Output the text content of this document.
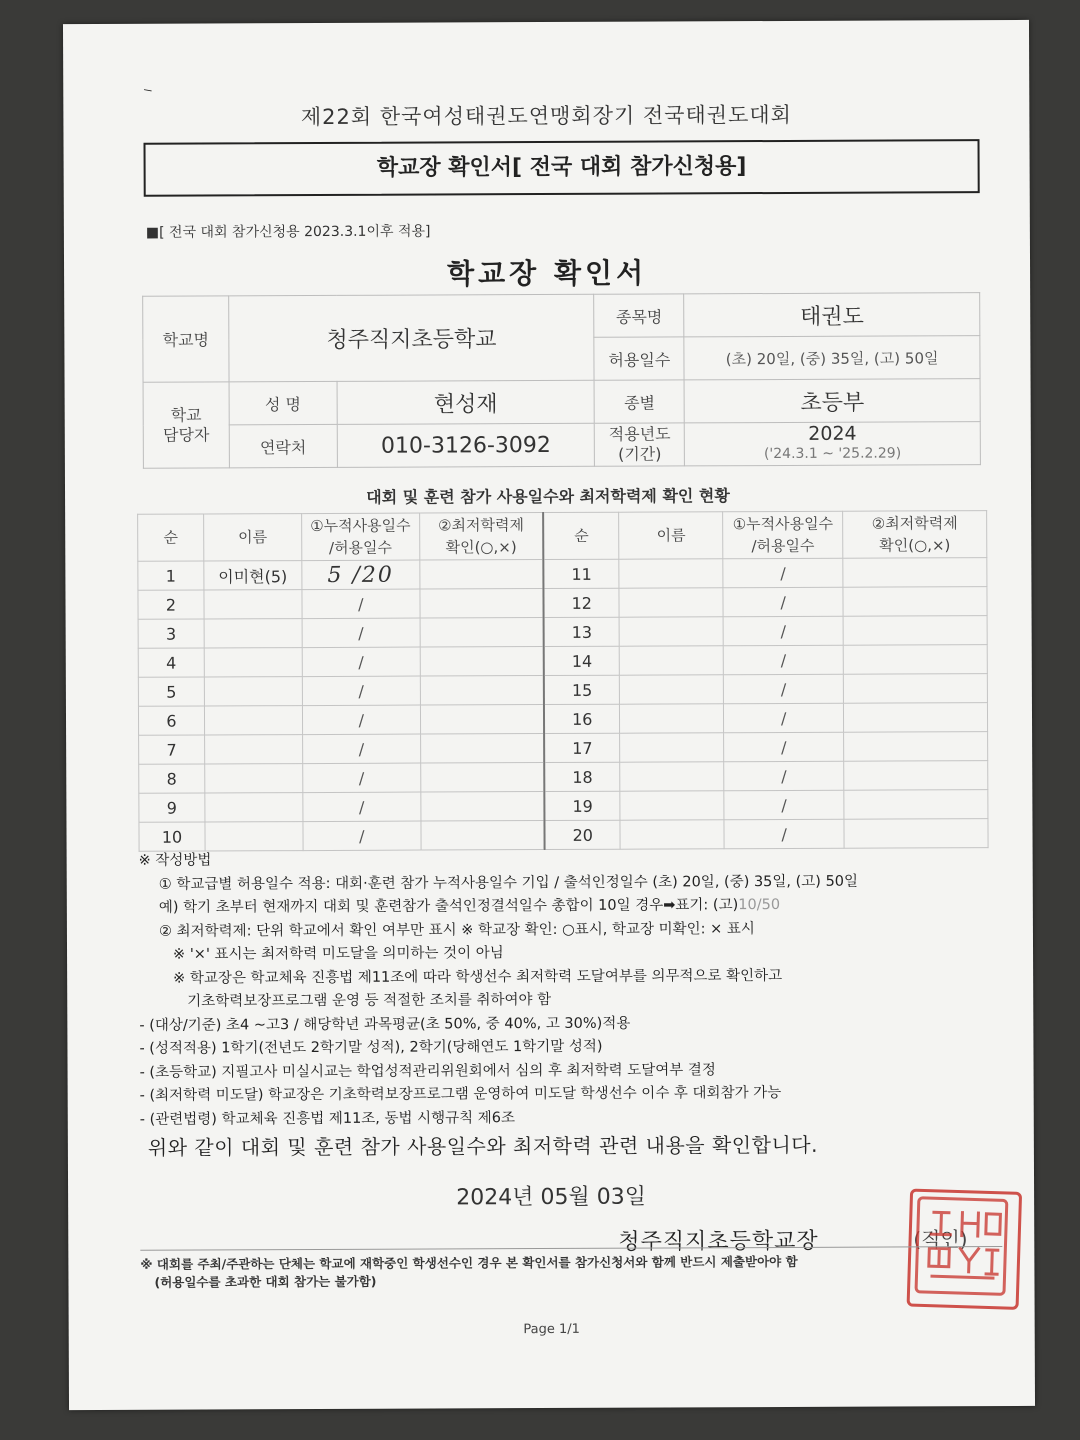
⸜
제22회 한국여성태권도연맹회장기 전국태권도대회
학교장 확인서[ 전국 대회 참가신청용]
■[ 전국 대회 참가신청용 2023.3.1이후 적용]
학교장 확인서
학교명	청주직지초등학교		종목명	태권도
			허용일수	(초) 20일, (중) 35일, (고) 50일

학교
담당자	성 명	현성재	종별	초등부
	연락처	010-3126-3092	적용년도
(기간)	2024
('24.3.1 ~ '25.2.29)
대회 및 훈련 참가 사용일수와 최저학력제 확인 현황
순	이름	①누적사용일수
/허용일수	②최저학력제
확인(○,×)	순	이름	①누적사용일수
/허용일수	②최저학력제
확인(○,×)
1	이미현(5)	5 /20		11		/	
2		/		12		/	
3		/		13		/	
4		/		14		/	
5		/		15		/	
6		/		16		/	
7		/		17		/	
8		/		18		/	
9		/		19		/	
10		/		20		/	
※ 작성방법
① 학교급별 허용일수 적용: 대회·훈련 참가 누적사용일수 기입 / 출석인정일수 (초) 20일, (중) 35일, (고) 50일
예) 학기 초부터 현재까지 대회 및 훈련참가 출석인정결석일수 총합이 10일 경우➡표기: (고)10/50
② 최저학력제: 단위 학교에서 확인 여부만 표시 ※ 학교장 확인: ○표시, 학교장 미확인: × 표시
※ '×' 표시는 최저학력 미도달을 의미하는 것이 아님
※ 학교장은 학교체육 진흥법 제11조에 따라 학생선수 최저학력 도달여부를 의무적으로 확인하고
기초학력보장프로그램 운영 등 적절한 조치를 취하여야 함
- (대상/기준) 초4 ~고3 / 해당학년 과목평균(초 50%, 중 40%, 고 30%)적용
- (성적적용) 1학기(전년도 2학기말 성적), 2학기(당해연도 1학기말 성적)
- (초등학교) 지필고사 미실시교는 학업성적관리위원회에서 심의 후 최저학력 도달여부 결정
- (최저학력 미도달) 학교장은 기초학력보장프로그램 운영하여 미도달 학생선수 이수 후 대회참가 가능
- (관련법령) 학교체육 진흥법 제11조, 동법 시행규칙 제6조
위와 같이 대회 및 훈련 참가 사용일수와 최저학력 관련 내용을 확인합니다.
2024년 05월 03일
청주직지초등학교장	(직인)
※ 대회를 주최/주관하는 단체는 학교에 재학중인 학생선수인 경우 본 확인서를 참가신청서와 함께 반드시 제출받아야 함
(허용일수를 초과한 대회 참가는 불가함)
Page 1/1
